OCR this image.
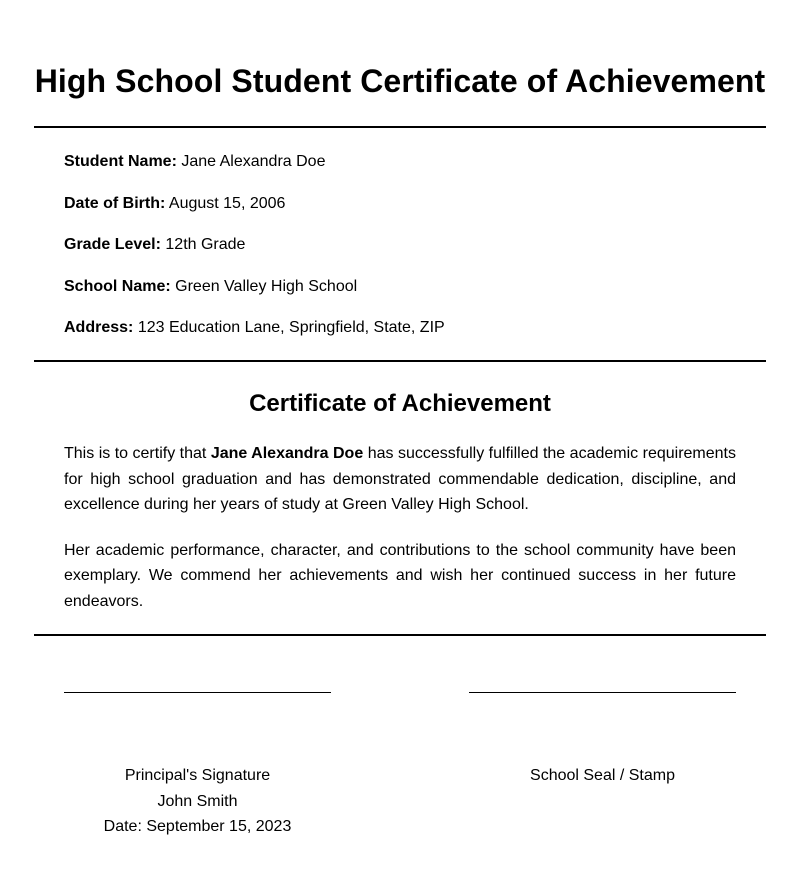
High School Student Certificate of Achievement
Student Name: Jane Alexandra Doe
Date of Birth: August 15, 2006
Grade Level: 12th Grade
School Name: Green Valley High School
Address: 123 Education Lane, Springfield, State, ZIP
Certificate of Achievement

This is to certify that Jane Alexandra Doe has successfully fulfilled the academic requirements for high school graduation and has demonstrated commendable dedication, discipline, and excellence during her years of study at Green Valley High School.

Her academic performance, character, and contributions to the school community have been exemplary. We commend her achievements and wish her continued success in her future endeavors.

Principal's Signature
John Smith
Date: September 15, 2023
School Seal / Stamp
